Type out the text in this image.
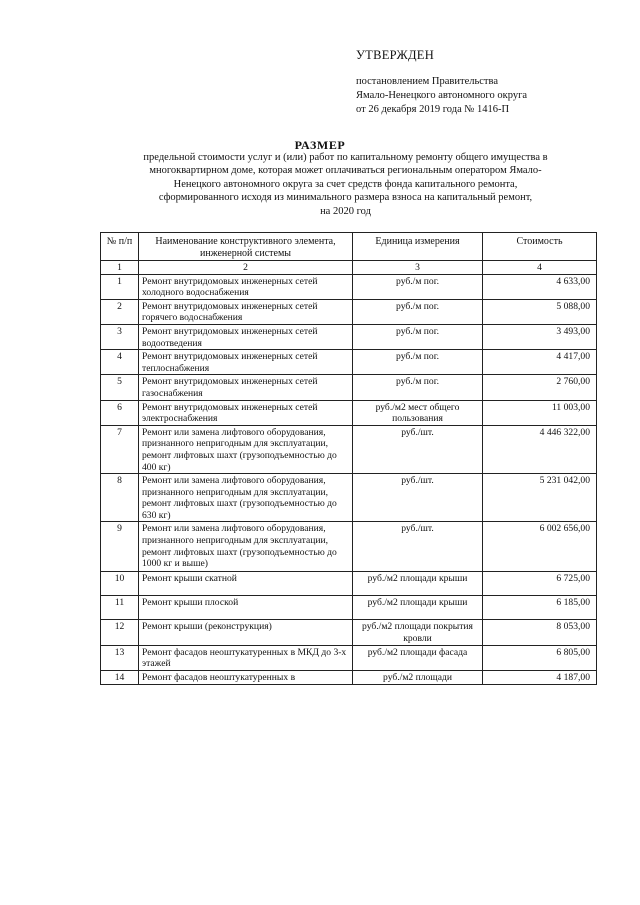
УТВЕРЖДЕН
постановлением Правительства
Ямало-Ненецкого автономного округа
от 26 декабря 2019 года № 1416-П
РАЗМЕР
предельной стоимости услуг и (или) работ по капитальному ремонту общего имущества в
многоквартирном доме, которая может оплачиваться региональным оператором Ямало-
Ненецкого автономного округа за счет средств фонда капитального ремонта,
сформированного исходя из минимального размера взноса на капитальный ремонт,
на 2020 год
№ п/п	Наименование конструктивного элемента, инженерной системы	Единица измерения	Стоимость
1	2	3	4
1	Ремонт внутридомовых инженерных сетей холодного водоснабжения	руб./м пог.	4 633,00
2	Ремонт внутридомовых инженерных сетей горячего водоснабжения	руб./м пог.	5 088,00
3	Ремонт внутридомовых инженерных сетей водоотведения	руб./м пог.	3 493,00
4	Ремонт внутридомовых инженерных сетей теплоснабжения	руб./м пог.	4 417,00
5	Ремонт внутридомовых инженерных сетей газоснабжения	руб./м пог.	2 760,00
6	Ремонт внутридомовых инженерных сетей электроснабжения	руб./м2 мест общего пользования	11 003,00
7	Ремонт или замена лифтового оборудования, признанного непригодным для эксплуатации, ремонт лифтовых шахт (грузоподъемностью до 400 кг)	руб./шт.	4 446 322,00
8	Ремонт или замена лифтового оборудования, признанного непригодным для эксплуатации, ремонт лифтовых шахт (грузоподъемностью до 630 кг)	руб./шт.	5 231 042,00
9	Ремонт или замена лифтового оборудования, признанного непригодным для эксплуатации, ремонт лифтовых шахт (грузоподъемностью до 1000 кг и выше)	руб./шт.	6 002 656,00
10	Ремонт крыши скатной	руб./м2 площади крыши	6 725,00
11	Ремонт крыши плоской	руб./м2 площади крыши	6 185,00
12	Ремонт крыши (реконструкция)	руб./м2 площади покрытия кровли	8 053,00
13	Ремонт фасадов неоштукатуренных в МКД до 3-х этажей	руб./м2 площади фасада	6 805,00
14	Ремонт фасадов неоштукатуренных в	руб./м2 площади	4 187,00
